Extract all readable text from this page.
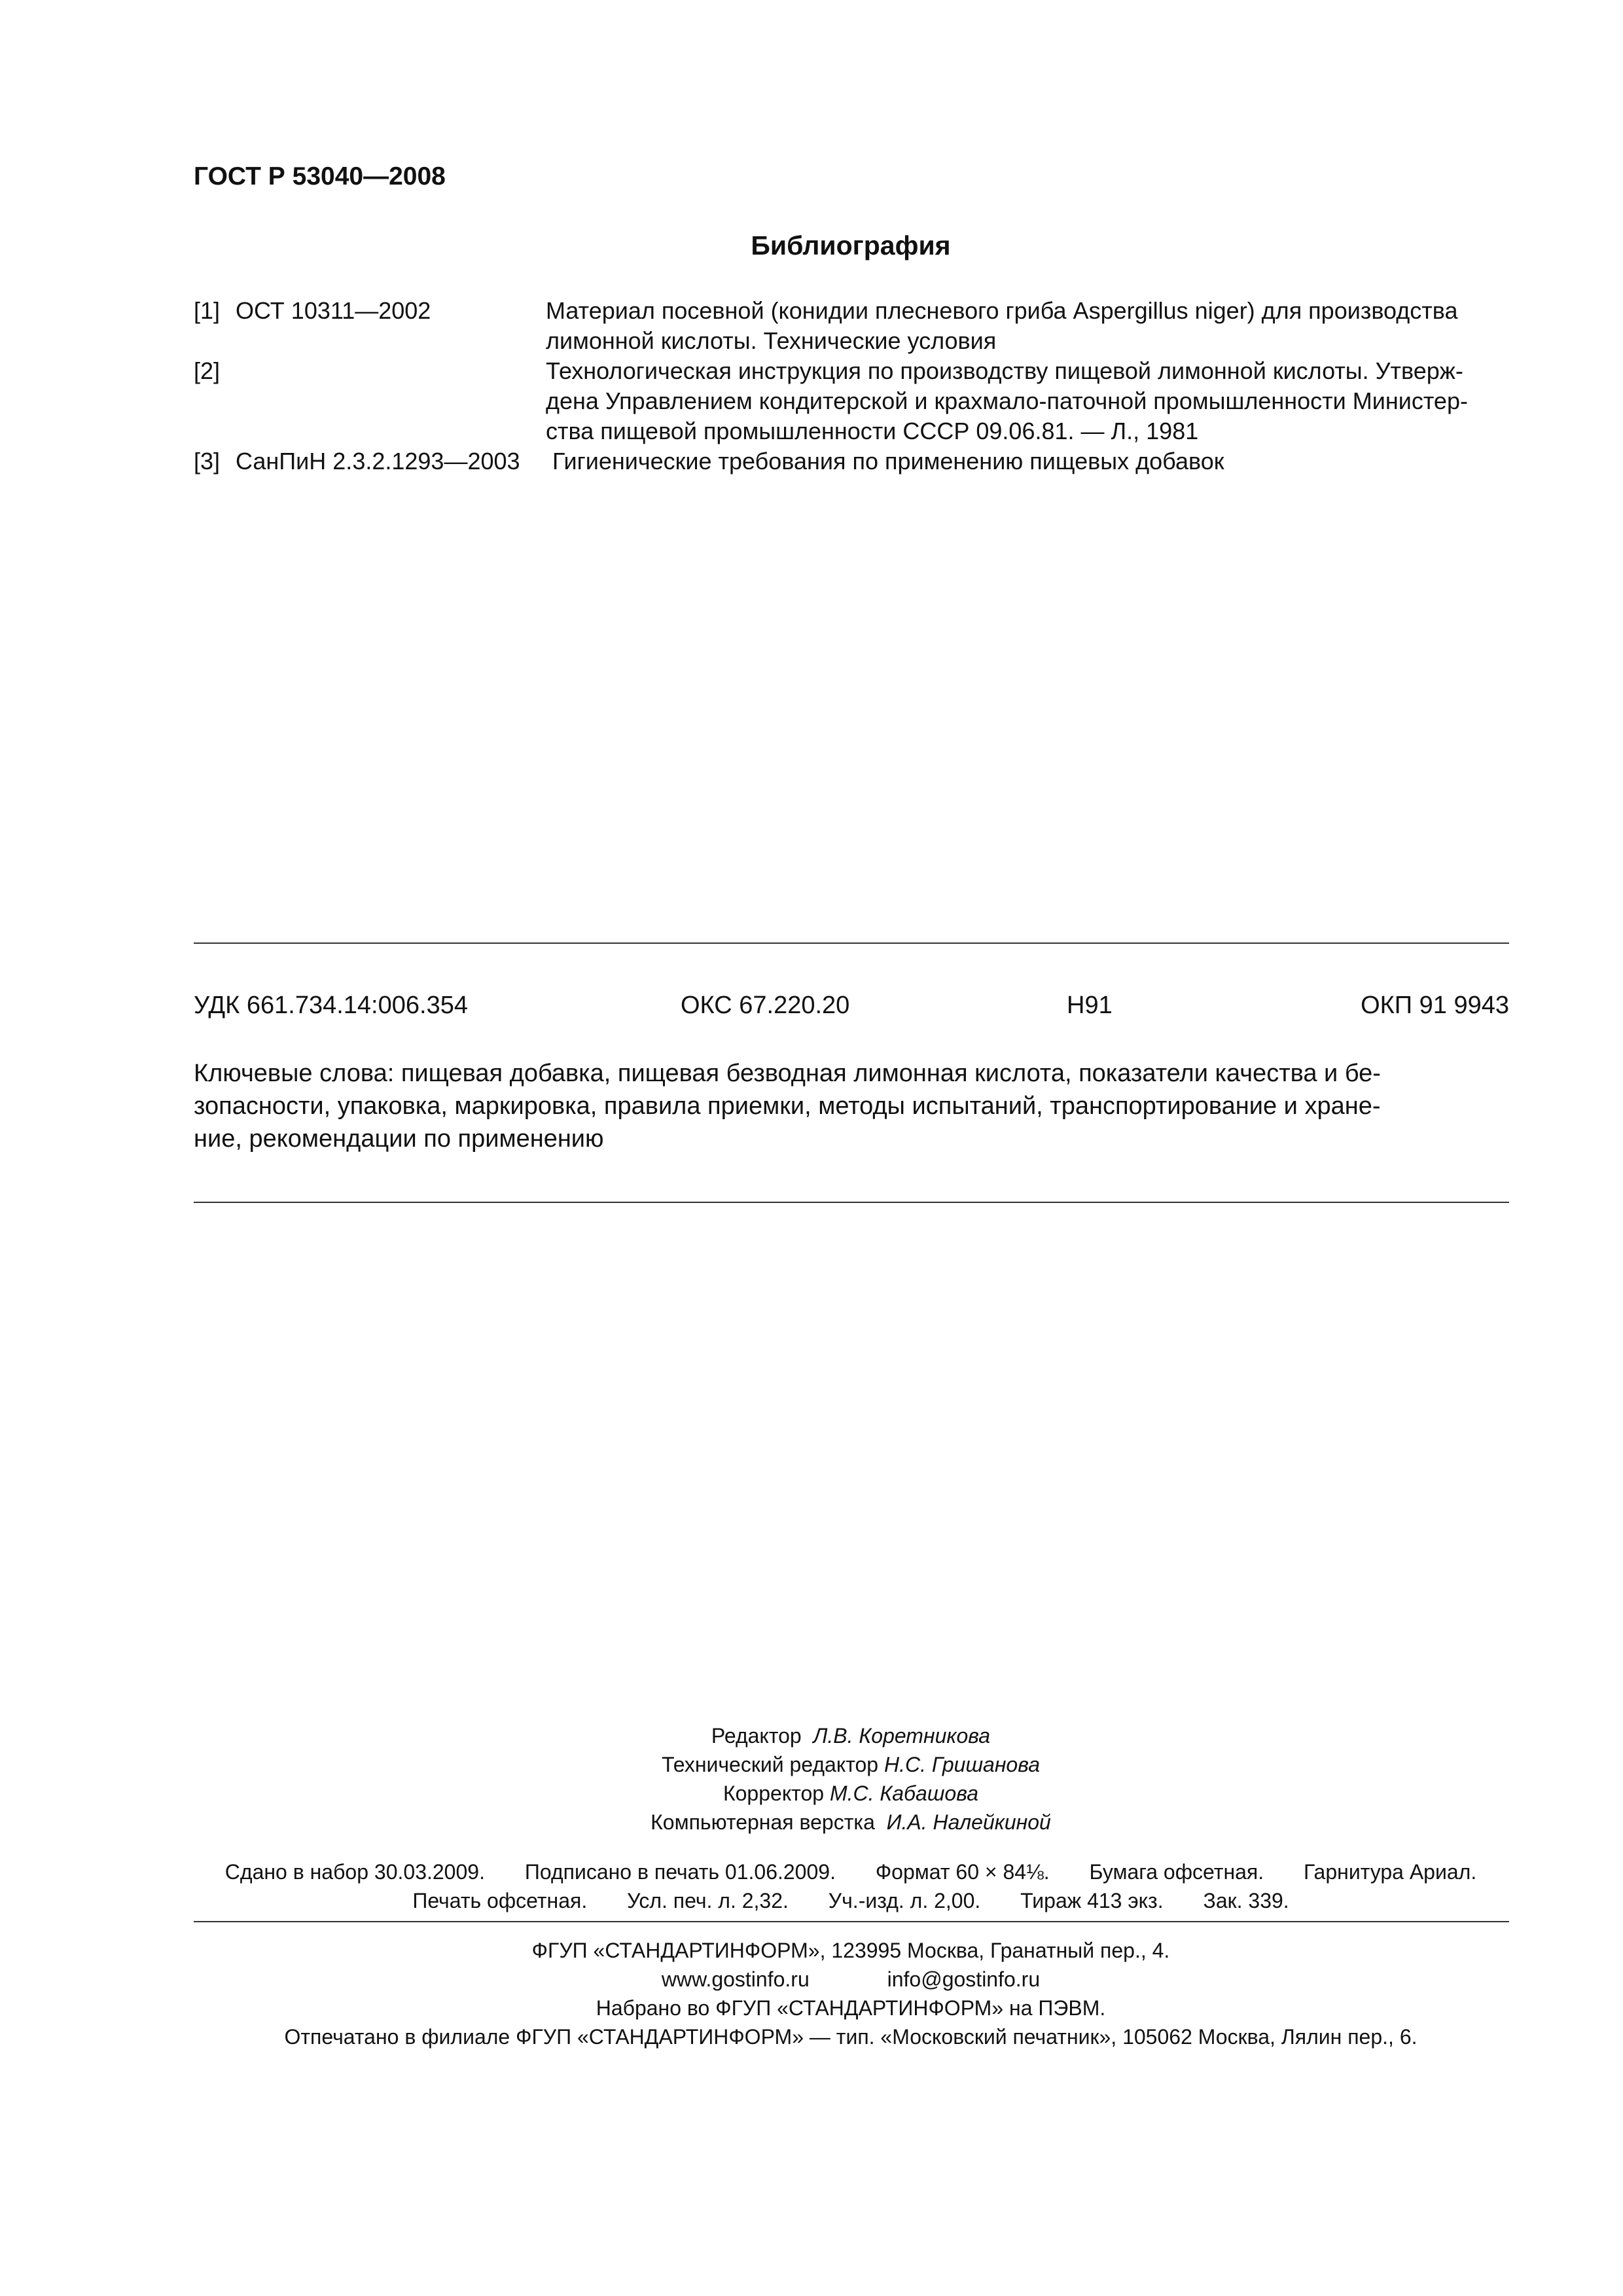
ГОСТ Р 53040—2008
Библиография
[1] ОСТ 10311—2002	Материал посевной (конидии плесневого гриба Aspergillus niger) для производства
лимонной кислоты. Технические условия
[2]	Технологическая инструкция по производству пищевой лимонной кислоты. Утверж-
дена Управлением кондитерской и крахмало-паточной промышленности Министер-
ства пищевой промышленности СССР 09.06.81. — Л., 1981
[3] СанПиН 2.3.2.1293—2003 Гигиенические требования по применению пищевых добавок
УДК 661.734.14:006.354	ОКС 67.220.20	Н91	ОКП 91 9943
Ключевые слова: пищевая добавка, пищевая безводная лимонная кислота, показатели качества и бе-
зопасности, упаковка, маркировка, правила приемки, методы испытаний, транспортирование и хране-
ние, рекомендации по применению
Редактор Л.В. Коретникова
Технический редактор Н.С. Гришанова
Корректор М.С. Кабашова
Компьютерная верстка И.А. Налейкиной
Сдано в набор 30.03.2009. Подписано в печать 01.06.2009. Формат 60 × 84⅛. Бумага офсетная. Гарнитура Ариал.
Печать офсетная. Усл. печ. л. 2,32. Уч.-изд. л. 2,00. Тираж 413 экз. Зак. 339.
ФГУП «СТАНДАРТИНФОРМ», 123995 Москва, Гранатный пер., 4.
www.gostinfo.ru	info@gostinfo.ru
Набрано во ФГУП «СТАНДАРТИНФОРМ» на ПЭВМ.
Отпечатано в филиале ФГУП «СТАНДАРТИНФОРМ» — тип. «Московский печатник», 105062 Москва, Лялин пер., 6.
